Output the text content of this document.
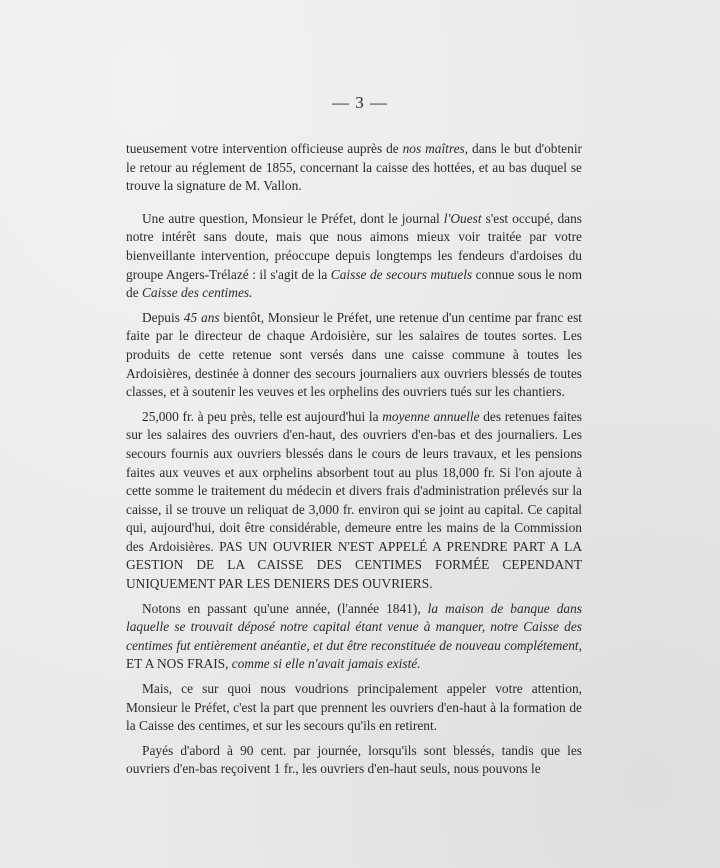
— 3 —

tueusement votre intervention officieuse auprès de nos maîtres, dans le but d'obtenir le retour au réglement de 1855, concernant la caisse des hottées, et au bas duquel se trouve la signature de M. Vallon.

Une autre question, Monsieur le Préfet, dont le journal l'Ouest s'est occupé, dans notre intérêt sans doute, mais que nous aimons mieux voir traitée par votre bienveillante intervention, préoccupe depuis longtemps les fendeurs d'ardoises du groupe Angers-Trélazé : il s'agit de la Caisse de secours mutuels connue sous le nom de Caisse des centimes.

Depuis 45 ans bientôt, Monsieur le Préfet, une retenue d'un centime par franc est faite par le directeur de chaque Ardoisière, sur les salaires de toutes sortes. Les produits de cette retenue sont versés dans une caisse commune à toutes les Ardoisières, destinée à donner des secours journaliers aux ouvriers blessés de toutes classes, et à soutenir les veuves et les orphelins des ouvriers tués sur les chantiers.

25,000 fr. à peu près, telle est aujourd'hui la moyenne annuelle des retenues faites sur les salaires des ouvriers d'en-haut, des ouvriers d'en-bas et des journaliers. Les secours fournis aux ouvriers blessés dans le cours de leurs travaux, et les pensions faites aux veuves et aux orphelins absorbent tout au plus 18,000 fr. Si l'on ajoute à cette somme le traitement du médecin et divers frais d'administration prélevés sur la caisse, il se trouve un reliquat de 3,000 fr. environ qui se joint au capital. Ce capital qui, aujourd'hui, doit être considérable, demeure entre les mains de la Commission des Ardoisières. PAS UN OUVRIER N'EST APPELÉ A PRENDRE PART A LA GESTION DE LA CAISSE DES CENTIMES FORMÉE CEPENDANT UNIQUEMENT PAR LES DENIERS DES OUVRIERS.

Notons en passant qu'une année, (l'année 1841), la maison de banque dans laquelle se trouvait déposé notre capital étant venue à manquer, notre Caisse des centimes fut entièrement anéantie, et dut être reconstituée de nouveau complétement, ET A NOS FRAIS, comme si elle n'avait jamais existé.

Mais, ce sur quoi nous voudrions principalement appeler votre attention, Monsieur le Préfet, c'est la part que prennent les ouvriers d'en-haut à la formation de la Caisse des centimes, et sur les secours qu'ils en retirent.

Payés d'abord à 90 cent. par journée, lorsqu'ils sont blessés, tandis que les ouvriers d'en-bas reçoivent 1 fr., les ouvriers d'en-haut seuls, nous pouvons le
